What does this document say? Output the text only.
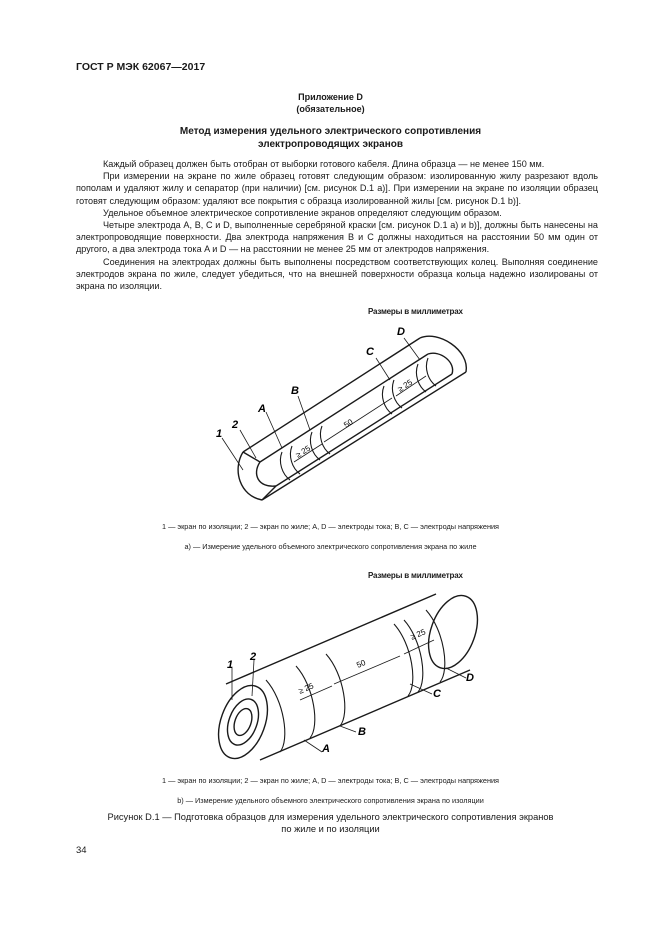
ГОСТ Р МЭК 62067—2017
Приложение D
(обязательное)
Метод измерения удельного электрического сопротивления
электропроводящих экранов

Каждый образец должен быть отобран от выборки готового кабеля. Длина образца — не менее 150 мм.

При измерении на экране по жиле образец готовят следующим образом: изолированную жилу разрезают вдоль пополам и удаляют жилу и сепаратор (при наличии) [см. рисунок D.1 a)]. При измерении на экране по изоляции образец готовят следующим образом: удаляют все покрытия с образца изолированной жилы [см. рисунок D.1 b)].

Удельное объемное электрическое сопротивление экранов определяют следующим образом.

Четыре электрода A, B, C и D, выполненные серебряной краски [см. рисунок D.1 a) и b)], должны быть нанесены на электропроводящие поверхности. Два электрода напряжения B и C должны находиться на расстоянии 50 мм один от другого, а два электрода тока A и D — на расстоянии не менее 25 мм от электродов напряжения.

Соединения на электродах должны быть выполнены посредством соответствующих колец. Выполняя соединение электродов экрана по жиле, следует убедиться, что на внешней поверхности образца кольца надежно изолированы от экрана по изоляции.

Размеры в миллиметрах
1
2
A
B
C
D
≥ 25
50
≥ 25
1 — экран по изоляции; 2 — экран по жиле; A, D — электроды тока; B, C — электроды напряжения
а) — Измерение удельного объемного электрического сопротивления экрана по жиле
Размеры в миллиметрах
1
2
A
B
C
D
≥ 25
50
≥ 25
1 — экран по изоляции; 2 — экран по жиле; A, D — электроды тока; B, C — электроды напряжения
b) — Измерение удельного объемного электрического сопротивления экрана по изоляции
Рисунок D.1 — Подготовка образцов для измерения удельного электрического сопротивления экранов
по жиле и по изоляции
34
